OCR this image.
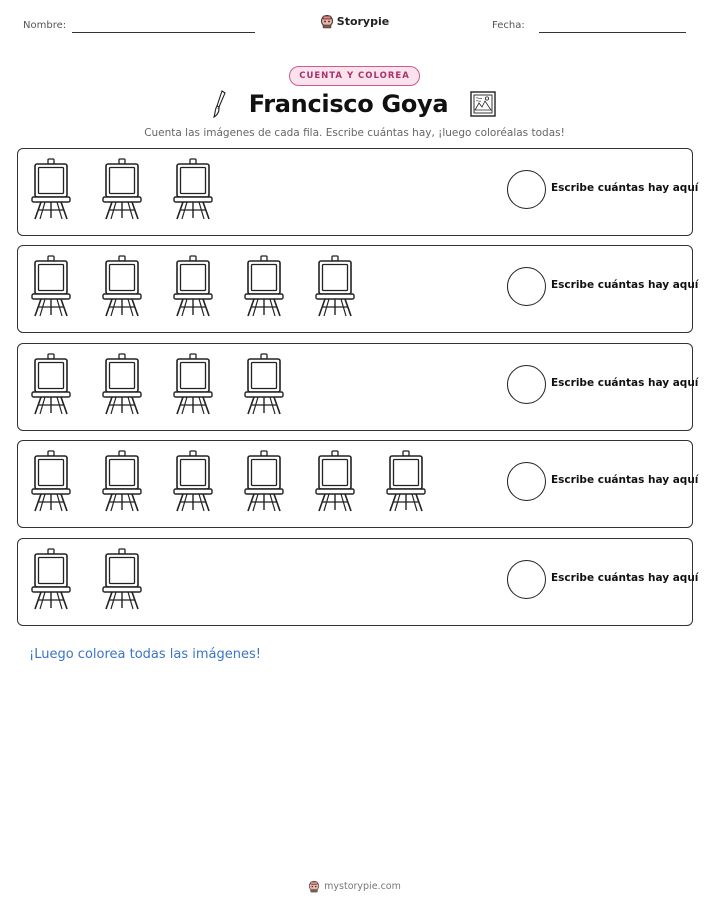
Nombre:	Storypie	Fecha:
CUENTA Y COLOREA
Francisco Goya
Cuenta las imágenes de cada fila. Escribe cuántas hay, ¡luego coloréalas todas!
Escribe cuántas hay aquí
Escribe cuántas hay aquí
Escribe cuántas hay aquí
Escribe cuántas hay aquí
Escribe cuántas hay aquí
¡Luego colorea todas las imágenes!
mystorypie.com
